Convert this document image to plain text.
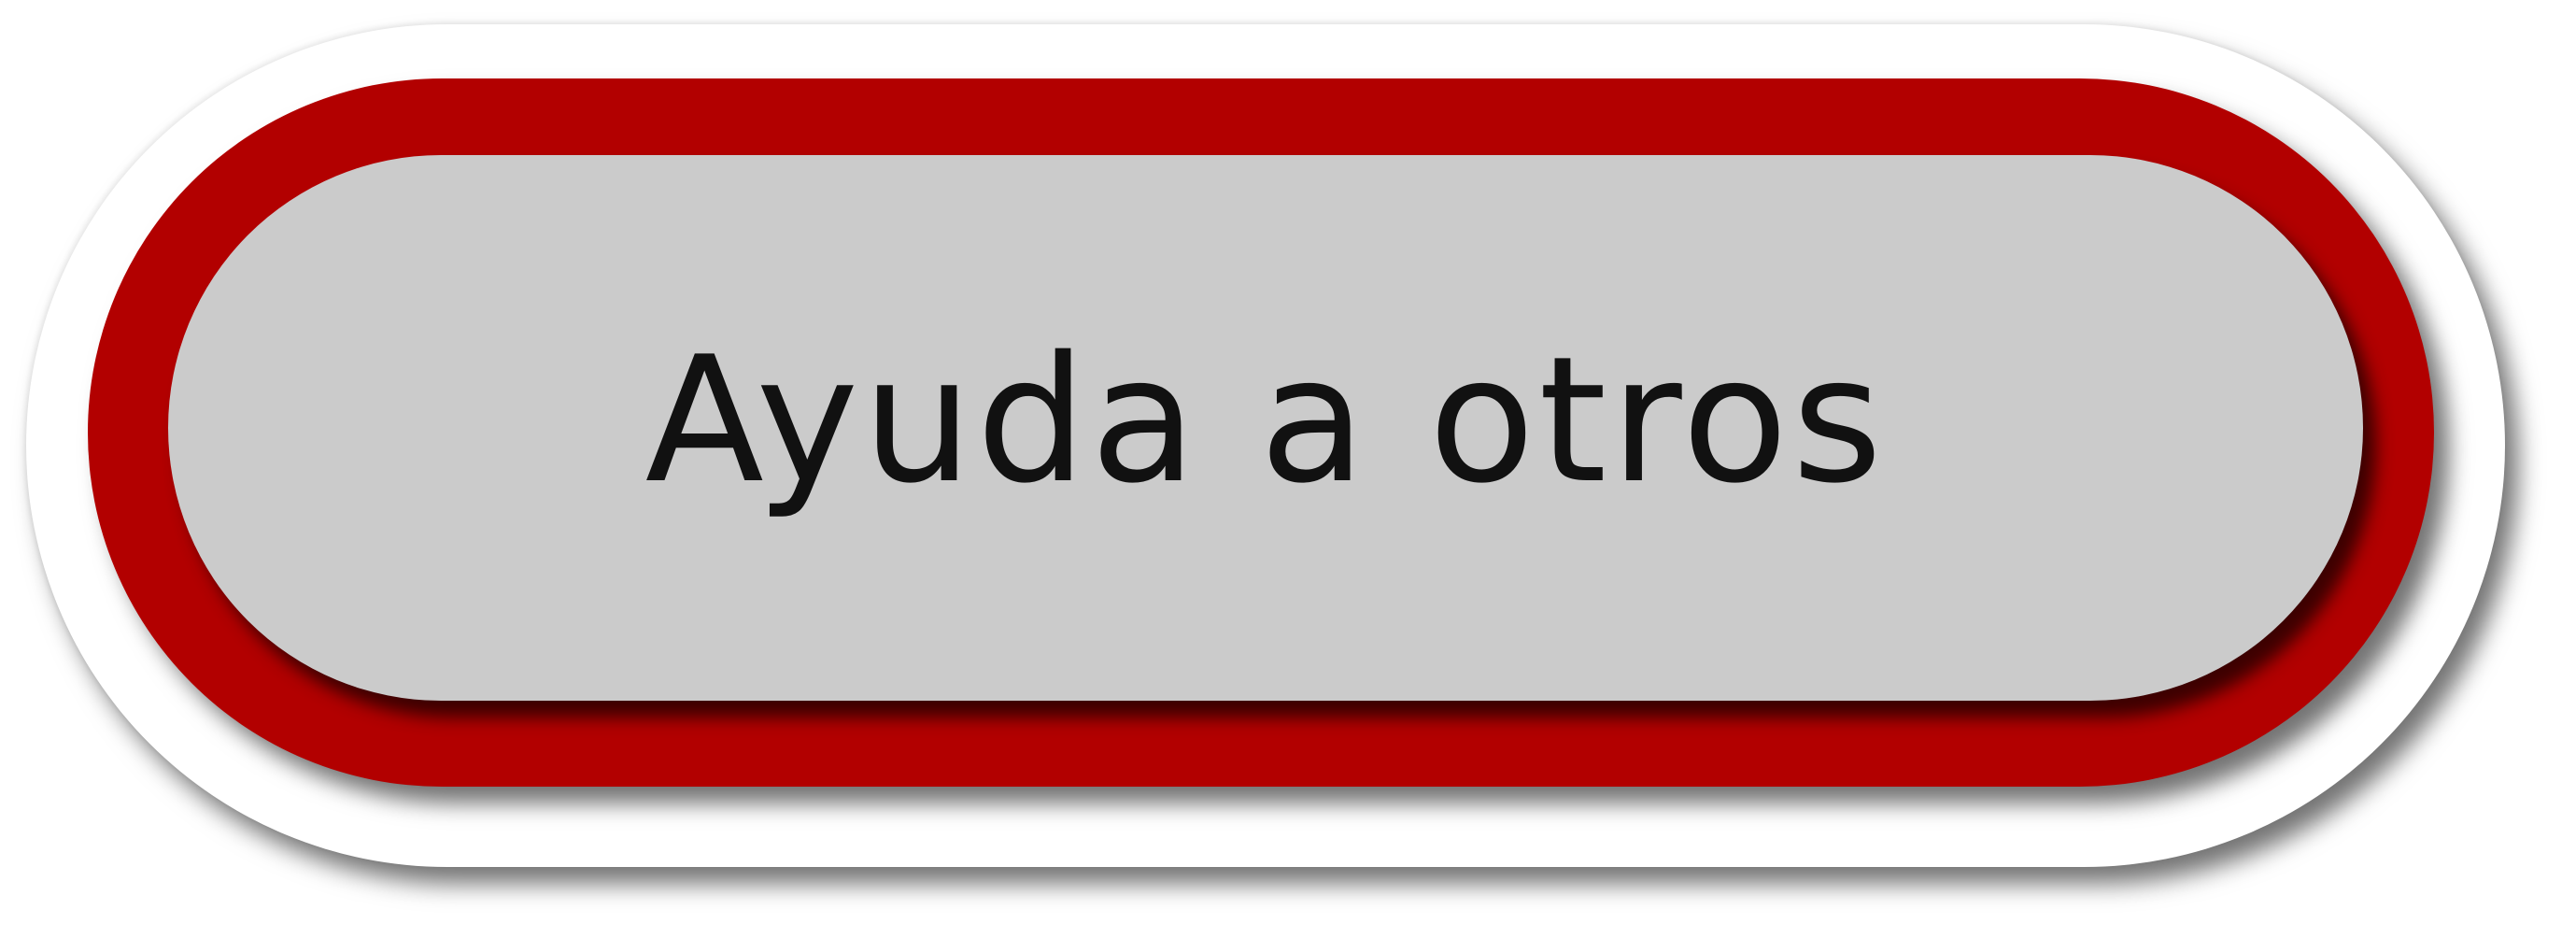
Ayuda a otros
